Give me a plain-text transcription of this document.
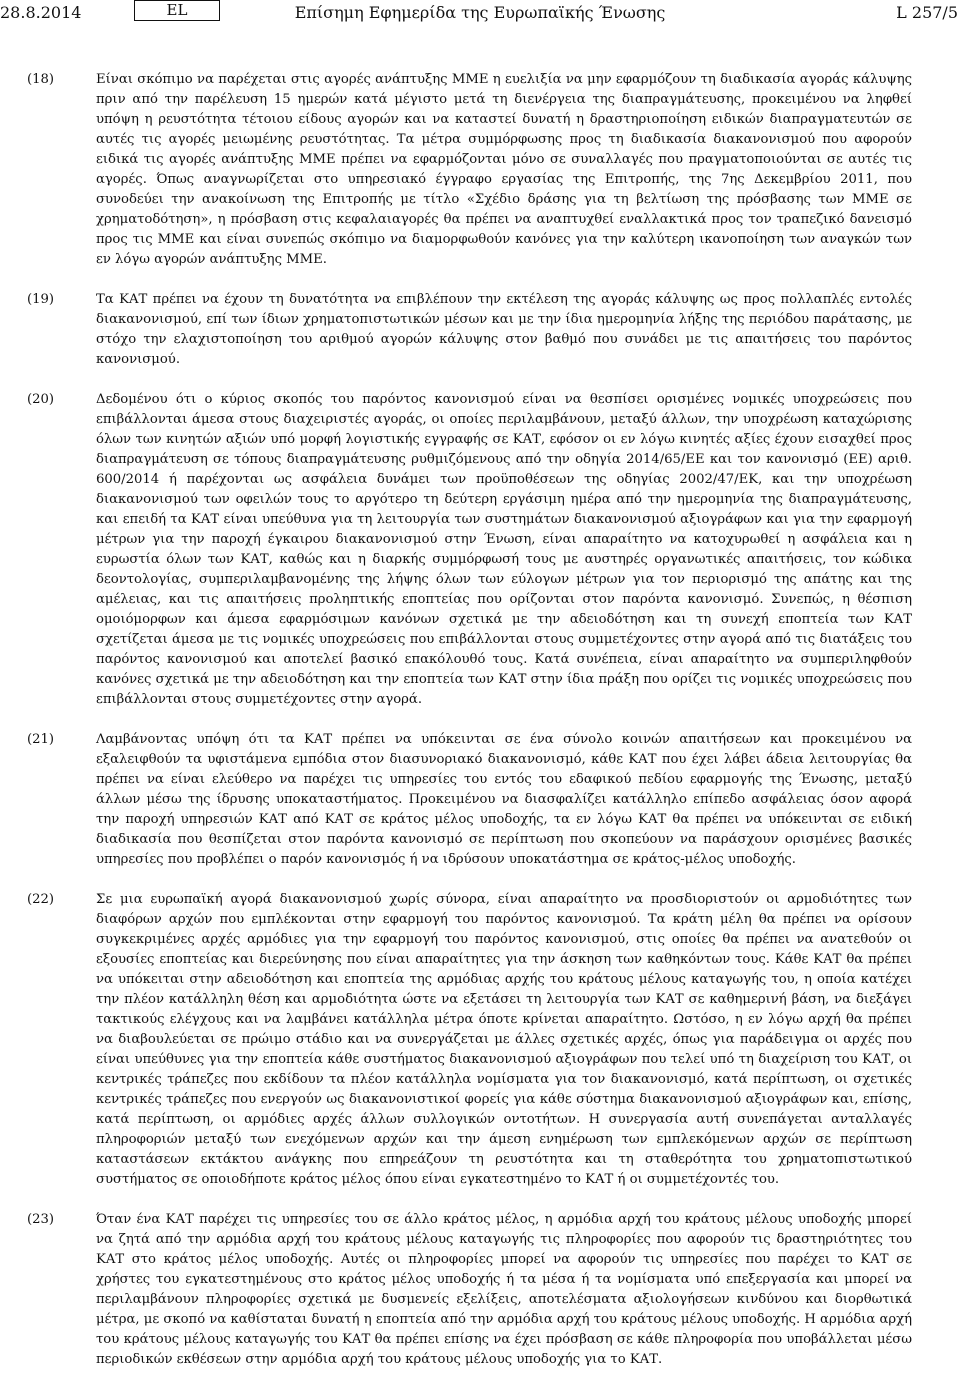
28.8.2014	EL	Επίσημη Εφημερίδα της Ευρωπαϊκής Ένωσης	L 257/5
(18)	Είναι σκόπιμο να παρέχεται στις αγορές ανάπτυξης ΜΜΕ η ευελιξία να μην εφαρμόζουν τη διαδικασία αγοράς κάλυψης πριν από την παρέλευση 15 ημερών κατά μέγιστο μετά τη διενέργεια της διαπραγμάτευσης, προκειμένου να ληφθεί υπόψη η ρευστότητα τέτοιου είδους αγορών και να καταστεί δυνατή η δραστηριοποίηση ειδικών διαπραγματευτών σε αυτές τις αγορές μειωμένης ρευστότητας. Τα μέτρα συμμόρφωσης προς τη διαδικασία διακανονισμού που αφορούν ειδικά τις αγορές ανάπτυξης ΜΜΕ πρέπει να εφαρμόζονται μόνο σε συναλλαγές που πραγματοποιούνται σε αυτές τις αγορές. Όπως αναγνωρίζεται στο υπηρεσιακό έγγραφο εργασίας της Επιτροπής, της 7ης Δεκεμβρίου 2011, που συνοδεύει την ανακοίνωση της Επιτροπής με τίτλο «Σχέδιο δράσης για τη βελτίωση της πρόσβασης των ΜΜΕ σε χρηματοδότηση», η πρόσβαση στις κεφαλαιαγορές θα πρέπει να αναπτυχθεί εναλλακτικά προς τον τραπεζικό δανεισμό προς τις ΜΜΕ και είναι συνεπώς σκόπιμο να διαμορφωθούν κανόνες για την καλύτερη ικανοποίηση των αναγκών των εν λόγω αγορών ανάπτυξης ΜΜΕ.
(19)	Τα ΚΑΤ πρέπει να έχουν τη δυνατότητα να επιβλέπουν την εκτέλεση της αγοράς κάλυψης ως προς πολλαπλές εντολές διακανονισμού, επί των ίδιων χρηματοπιστωτικών μέσων και με την ίδια ημερομηνία λήξης της περιόδου παράτασης, με στόχο την ελαχιστοποίηση του αριθμού αγορών κάλυψης στον βαθμό που συνάδει με τις απαιτήσεις του παρόντος κανονισμού.
(20)	Δεδομένου ότι ο κύριος σκοπός του παρόντος κανονισμού είναι να θεσπίσει ορισμένες νομικές υποχρεώσεις που επιβάλλονται άμεσα στους διαχειριστές αγοράς, οι οποίες περιλαμβάνουν, μεταξύ άλλων, την υποχρέωση καταχώρισης όλων των κινητών αξιών υπό μορφή λογιστικής εγγραφής σε ΚΑΤ, εφόσον οι εν λόγω κινητές αξίες έχουν εισαχθεί προς διαπραγμάτευση σε τόπους διαπραγμάτευσης ρυθμιζόμενους από την οδηγία 2014/65/ΕΕ και τον κανονισμό (ΕΕ) αριθ. 600/2014 ή παρέχονται ως ασφάλεια δυνάμει των προϋποθέσεων της οδηγίας 2002/47/ΕΚ, και την υποχρέωση διακανονισμού των οφειλών τους το αργότερο τη δεύτερη εργάσιμη ημέρα από την ημερομηνία της διαπραγμάτευσης, και επειδή τα ΚΑΤ είναι υπεύθυνα για τη λειτουργία των συστημάτων διακανονισμού αξιογράφων και για την εφαρμογή μέτρων για την παροχή έγκαιρου διακανονισμού στην Ένωση, είναι απαραίτητο να κατοχυρωθεί η ασφάλεια και η ευρωστία όλων των ΚΑΤ, καθώς και η διαρκής συμμόρφωσή τους με αυστηρές οργανωτικές απαιτήσεις, τον κώδικα δεοντολογίας, συμπεριλαμβανομένης της λήψης όλων των εύλογων μέτρων για τον περιορισμό της απάτης και της αμέλειας, και τις απαιτήσεις προληπτικής εποπτείας που ορίζονται στον παρόντα κανονισμό. Συνεπώς, η θέσπιση ομοιόμορφων και άμεσα εφαρμόσιμων κανόνων σχετικά με την αδειοδότηση και τη συνεχή εποπτεία των ΚΑΤ σχετίζεται άμεσα με τις νομικές υποχρεώσεις που επιβάλλονται στους συμμετέχοντες στην αγορά από τις διατάξεις του παρόντος κανονισμού και αποτελεί βασικό επακόλουθό τους. Κατά συνέπεια, είναι απαραίτητο να συμπεριληφθούν κανόνες σχετικά με την αδειοδότηση και την εποπτεία των ΚΑΤ στην ίδια πράξη που ορίζει τις νομικές υποχρεώσεις που επιβάλλονται στους συμμετέχοντες στην αγορά.
(21)	Λαμβάνοντας υπόψη ότι τα ΚΑΤ πρέπει να υπόκεινται σε ένα σύνολο κοινών απαιτήσεων και προκειμένου να εξαλειφθούν τα υφιστάμενα εμπόδια στον διασυνοριακό διακανονισμό, κάθε ΚΑΤ που έχει λάβει άδεια λειτουργίας θα πρέπει να είναι ελεύθερο να παρέχει τις υπηρεσίες του εντός του εδαφικού πεδίου εφαρμογής της Ένωσης, μεταξύ άλλων μέσω της ίδρυσης υποκαταστήματος. Προκειμένου να διασφαλίζει κατάλληλο επίπεδο ασφάλειας όσον αφορά την παροχή υπηρεσιών ΚΑΤ από ΚΑΤ σε κράτος μέλος υποδοχής, τα εν λόγω ΚΑΤ θα πρέπει να υπόκεινται σε ειδική διαδικασία που θεσπίζεται στον παρόντα κανονισμό σε περίπτωση που σκοπεύουν να παράσχουν ορισμένες βασικές υπηρεσίες που προβλέπει ο παρόν κανονισμός ή να ιδρύσουν υποκατάστημα σε κράτος-μέλος υποδοχής.
(22)	Σε μια ευρωπαϊκή αγορά διακανονισμού χωρίς σύνορα, είναι απαραίτητο να προσδιοριστούν οι αρμοδιότητες των διαφόρων αρχών που εμπλέκονται στην εφαρμογή του παρόντος κανονισμού. Τα κράτη μέλη θα πρέπει να ορίσουν συγκεκριμένες αρχές αρμόδιες για την εφαρμογή του παρόντος κανονισμού, στις οποίες θα πρέπει να ανατεθούν οι εξουσίες εποπτείας και διερεύνησης που είναι απαραίτητες για την άσκηση των καθηκόντων τους. Κάθε ΚΑΤ θα πρέπει να υπόκειται στην αδειοδότηση και εποπτεία της αρμόδιας αρχής του κράτους μέλους καταγωγής του, η οποία κατέχει την πλέον κατάλληλη θέση και αρμοδιότητα ώστε να εξετάσει τη λειτουργία των ΚΑΤ σε καθημερινή βάση, να διεξάγει τακτικούς ελέγχους και να λαμβάνει κατάλληλα μέτρα όποτε κρίνεται απαραίτητο. Ωστόσο, η εν λόγω αρχή θα πρέπει να διαβουλεύεται σε πρώιμο στάδιο και να συνεργάζεται με άλλες σχετικές αρχές, όπως για παράδειγμα οι αρχές που είναι υπεύθυνες για την εποπτεία κάθε συστήματος διακανονισμού αξιογράφων που τελεί υπό τη διαχείριση του ΚΑΤ, οι κεντρικές τράπεζες που εκδίδουν τα πλέον κατάλληλα νομίσματα για τον διακανονισμό, κατά περίπτωση, οι σχετικές κεντρικές τράπεζες που ενεργούν ως διακανονιστικοί φορείς για κάθε σύστημα διακανονισμού αξιογράφων και, επίσης, κατά περίπτωση, οι αρμόδιες αρχές άλλων συλλογικών οντοτήτων. Η συνεργασία αυτή συνεπάγεται ανταλλαγές πληροφοριών μεταξύ των ενεχόμενων αρχών και την άμεση ενημέρωση των εμπλεκόμενων αρχών σε περίπτωση καταστάσεων εκτάκτου ανάγκης που επηρεάζουν τη ρευστότητα και τη σταθερότητα του χρηματοπιστωτικού συστήματος σε οποιοδήποτε κράτος μέλος όπου είναι εγκατεστημένο το ΚΑΤ ή οι συμμετέχοντές του.
(23)	Όταν ένα ΚΑΤ παρέχει τις υπηρεσίες του σε άλλο κράτος μέλος, η αρμόδια αρχή του κράτους μέλους υποδοχής μπορεί να ζητά από την αρμόδια αρχή του κράτους μέλους καταγωγής τις πληροφορίες που αφορούν τις δραστηριότητες του ΚΑΤ στο κράτος μέλος υποδοχής. Αυτές οι πληροφορίες μπορεί να αφορούν τις υπηρεσίες που παρέχει το ΚΑΤ σε χρήστες του εγκατεστημένους στο κράτος μέλος υποδοχής ή τα μέσα ή τα νομίσματα υπό επεξεργασία και μπορεί να περιλαμβάνουν πληροφορίες σχετικά με δυσμενείς εξελίξεις, αποτελέσματα αξιολογήσεων κινδύνου και διορθωτικά μέτρα, με σκοπό να καθίσταται δυνατή η εποπτεία από την αρμόδια αρχή του κράτους μέλους υποδοχής. Η αρμόδια αρχή του κράτους μέλους καταγωγής του ΚΑΤ θα πρέπει επίσης να έχει πρόσβαση σε κάθε πληροφορία που υποβάλλεται μέσω περιοδικών εκθέσεων στην αρμόδια αρχή του κράτους μέλους υποδοχής για το ΚΑΤ.
